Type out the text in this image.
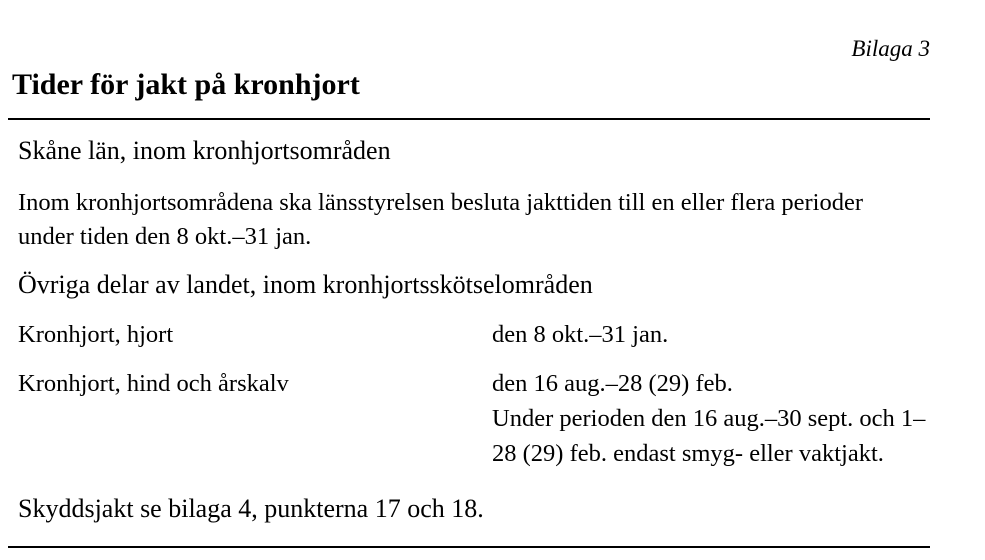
Bilaga 3
Tider för jakt på kronhjort
Skåne län, inom kronhjortsområden

Inom kronhjortsområdena ska länsstyrelsen besluta jakttiden till en eller flera perioder under tiden den 8 okt.–31 jan.

Övriga delar av landet, inom kronhjortsskötselområden
Kronhjort, hjort	den 8 okt.–31 jan.
Kronhjort, hind och årskalv	den 16 aug.–28 (29) feb.
Under perioden den 16 aug.–30 sept. och 1–28 (29) feb. endast smyg- eller vaktjakt.

Skyddsjakt se bilaga 4, punkterna 17 och 18.
